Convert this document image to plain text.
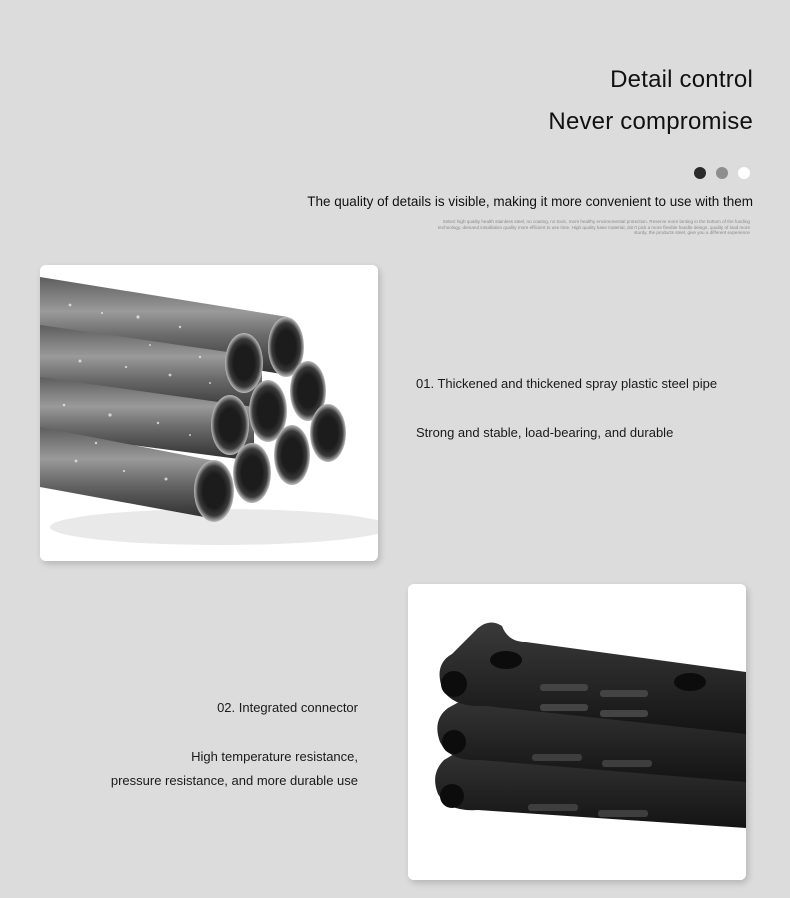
Detail control
Never compromise
The quality of details is visible, making it more convenient to use with them
Select high quality health stainless steel, no coating, no toxic, more healthy environmental protection. Reserve more lanting in the bottom of the funding technology, demand installation quality more efficient to use time. High quality base material, don't pick a more flexible handle design, quality of load more sturdy, the products steel, give you a different experience
01. Thickened and thickened spray plastic steel pipe
Strong and stable, load-bearing, and durable
02. Integrated connector
High temperature resistance,
pressure resistance, and more durable use
